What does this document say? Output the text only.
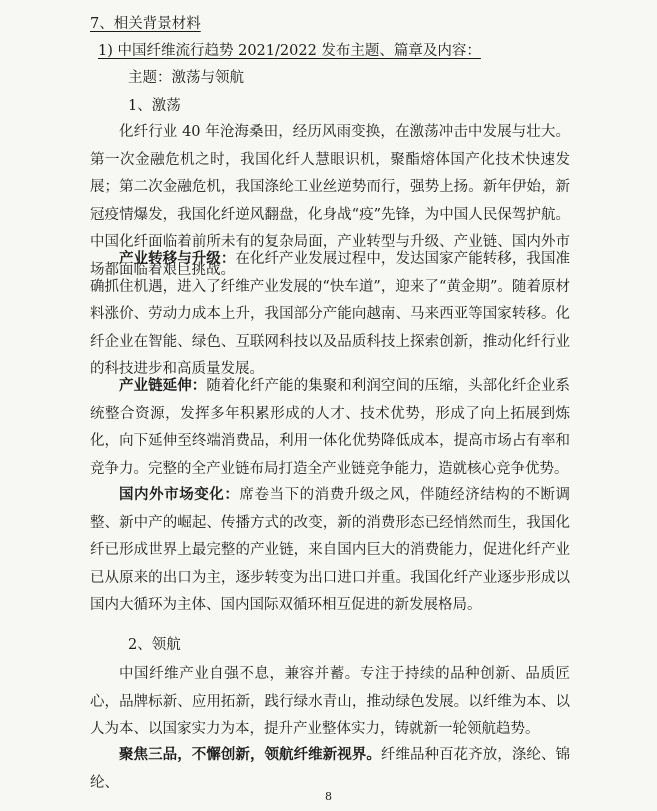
7、相关背景材料
1) 中国纤维流行趋势 2021/2022 发布主题、篇章及内容：
主题：激荡与领航
1、激荡

化纤行业 40 年沧海桑田，经历风雨变换，在激荡冲击中发展与壮大。第一次金融危机之时，我国化纤人慧眼识机，聚酯熔体国产化技术快速发展；第二次金融危机，我国涤纶工业丝逆势而行，强势上扬。新年伊始，新冠疫情爆发，我国化纤逆风翻盘，化身战“疫”先锋，为中国人民保驾护航。中国化纤面临着前所未有的复杂局面，产业转型与升级、产业链、国内外市场都面临着艰巨挑战。

产业转移与升级：在化纤产业发展过程中，发达国家产能转移，我国准确抓住机遇，进入了纤维产业发展的“快车道”，迎来了“黄金期”。随着原材料涨价、劳动力成本上升，我国部分产能向越南、马来西亚等国家转移。化纤企业在智能、绿色、互联网科技以及品质科技上探索创新，推动化纤行业的科技进步和高质量发展。

产业链延伸：随着化纤产能的集聚和利润空间的压缩，头部化纤企业系统整合资源，发挥多年积累形成的人才、技术优势，形成了向上拓展到炼化，向下延伸至终端消费品，利用一体化优势降低成本，提高市场占有率和竞争力。完整的全产业链布局打造全产业链竞争能力，造就核心竞争优势。

国内外市场变化：席卷当下的消费升级之风，伴随经济结构的不断调整、新中产的崛起、传播方式的改变，新的消费形态已经悄然而生，我国化纤已形成世界上最完整的产业链，来自国内巨大的消费能力，促进化纤产业已从原来的出口为主，逐步转变为出口进口并重。我国化纤产业逐步形成以国内大循环为主体、国内国际双循环相互促进的新发展格局。

2、领航

中国纤维产业自强不息，兼容并蓄。专注于持续的品种创新、品质匠心，品牌标新、应用拓新，践行绿水青山，推动绿色发展。以纤维为本、以人为本、以国家实力为本，提升产业整体实力，铸就新一轮领航趋势。

聚焦三品，不懈创新，领航纤维新视界。纤维品种百花齐放，涤纶、锦纶、

8
